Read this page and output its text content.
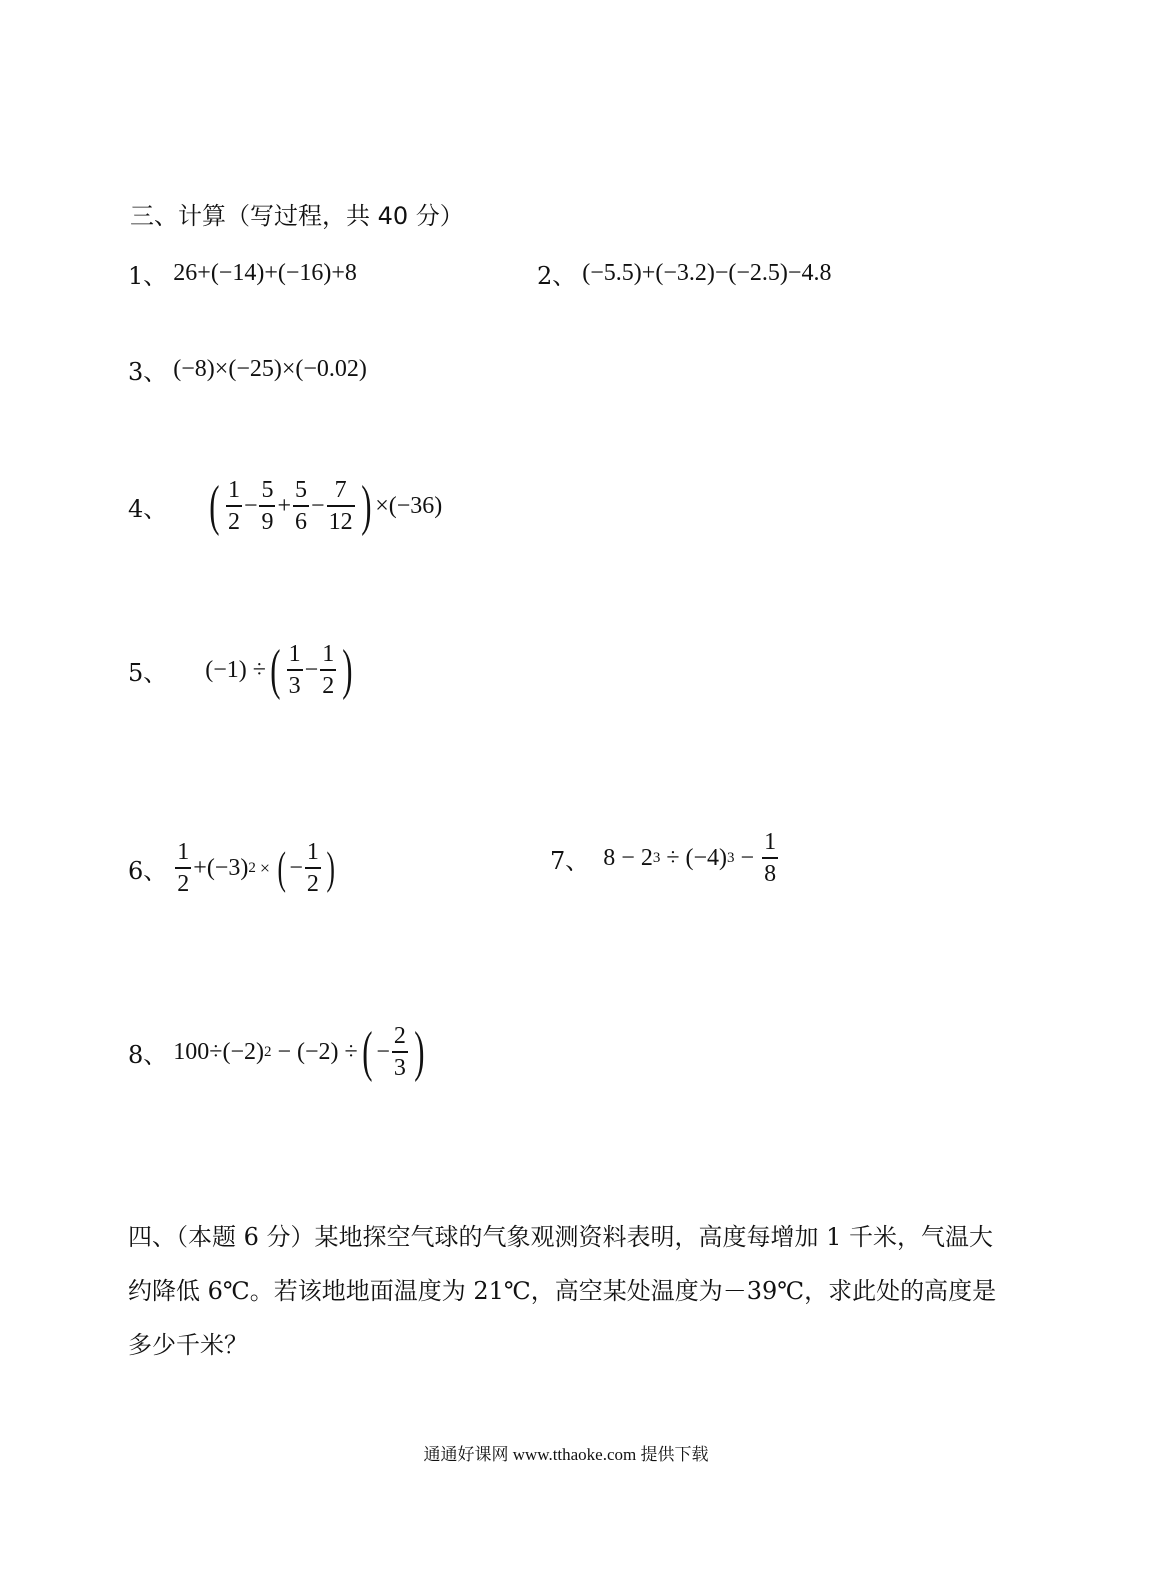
三、计算（写过程，共 40 分）
1、 26+(−14)+(−16)+8	2、 (−5.5)+(−3.2)−(−2.5)−4.8
3、 (−8)×(−25)×(−0.02)
4、 ( $\frac{1}{2} - \frac{5}{9} + \frac{5}{6} - \frac{7}{12}$ ) ×(−36)
5、 (−1) ÷ ( $\frac{1}{3} - \frac{1}{2}$ )
6、 $\frac{1}{2} +(-3) 2$ × ( − $\frac{1}{2}$ )	7、 8 − 2 3 ÷ (−4) $3 - \frac{1}{8}$
8、 100÷(−2) 2 − (−2) ÷ ( − $\frac{2}{3}$ )
四、（本题 6 分）某地探空气球的气象观测资料表明，高度每增加 1 千米，气温大约降低 6℃。若该地地面温度为 21℃，高空某处温度为－39℃，求此处的高度是多少千米？
通通好课网 www.tthaoke.com 提供下载
